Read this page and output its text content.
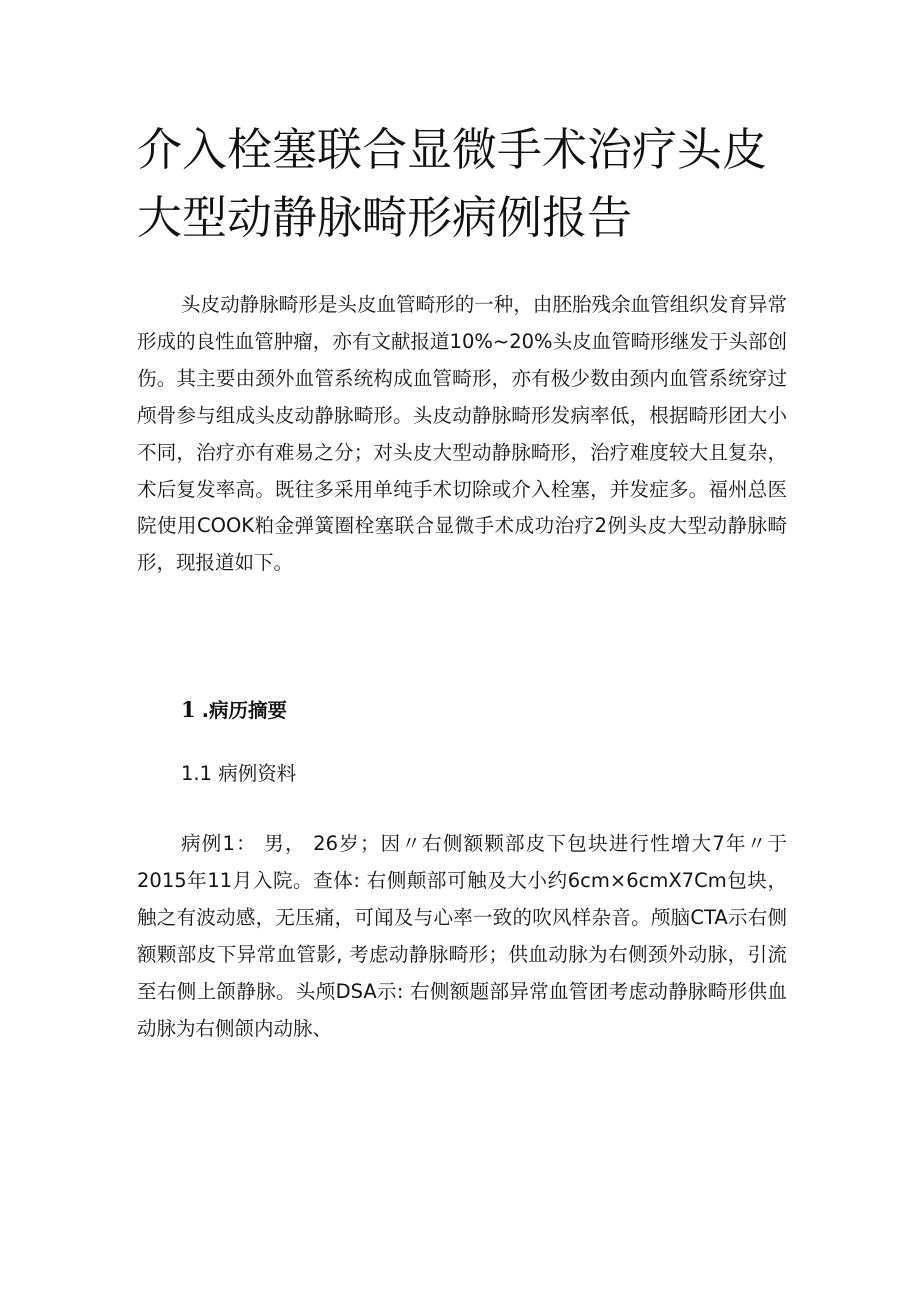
介入栓塞联合显微手术治疗头皮
大型动静脉畸形病例报告

头皮动静脉畸形是头皮血管畸形的一种，由胚胎残余血管组织发育异常形成的良性血管肿瘤，亦有文献报道10%~20%头皮血管畸形继发于头部创伤。其主要由颈外血管系统构成血管畸形，亦有极少数由颈内血管系统穿过颅骨参与组成头皮动静脉畸形。头皮动静脉畸形发病率低，根据畸形团大小不同，治疗亦有难易之分；对头皮大型动静脉畸形，治疗难度较大且复杂，术后复发率高。既往多采用单纯手术切除或介入栓塞，并发症多。福州总医院使用COOK粕金弹簧圈栓塞联合显微手术成功治疗2例头皮大型动静脉畸形，现报道如下。

1 .病历摘要
1.1 病例资料

病例1： 男， 26岁；因〃右侧额颗部皮下包块进行性增大7年〃于2015年11月入院。查体: 右侧颠部可触及大小约6cm×6cmX7Cm包块，触之有波动感，无压痛，可闻及与心率一致的吹风样杂音。颅脑CTA示右侧额颗部皮下异常血管影, 考虑动静脉畸形；供血动脉为右侧颈外动脉，引流至右侧上颌静脉。头颅DSA示: 右侧额题部异常血管团考虑动静脉畸形供血动脉为右侧颌内动脉、
